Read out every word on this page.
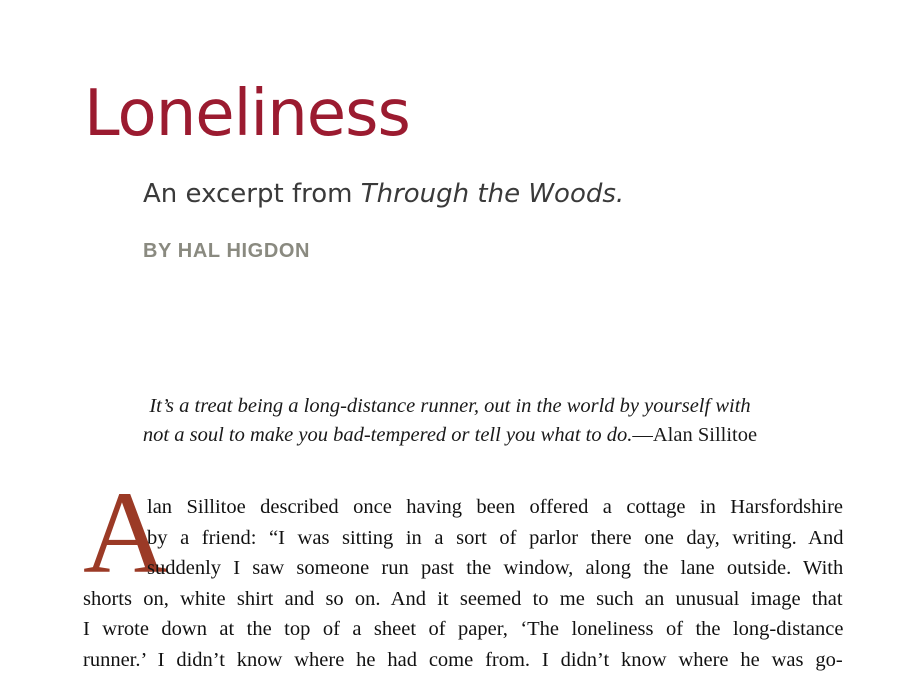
Loneliness

An excerpt from Through the Woods.

BY HAL HIGDON

It’s a treat being a long-distance runner, out in the world by yourself with
not a soul to make you bad-tempered or tell you what to do.—Alan Sillitoe

A
lan Sillitoe described once having been offered a cottage in Harsfordshire
by a friend: “I was sitting in a sort of parlor there one day, writing. And
suddenly I saw someone run past the window, along the lane outside. With
shorts on, white shirt and so on. And it seemed to me such an unusual image that
I wrote down at the top of a sheet of paper, ‘The loneliness of the long-distance
runner.’ I didn’t know where he had come from. I didn’t know where he was go-
